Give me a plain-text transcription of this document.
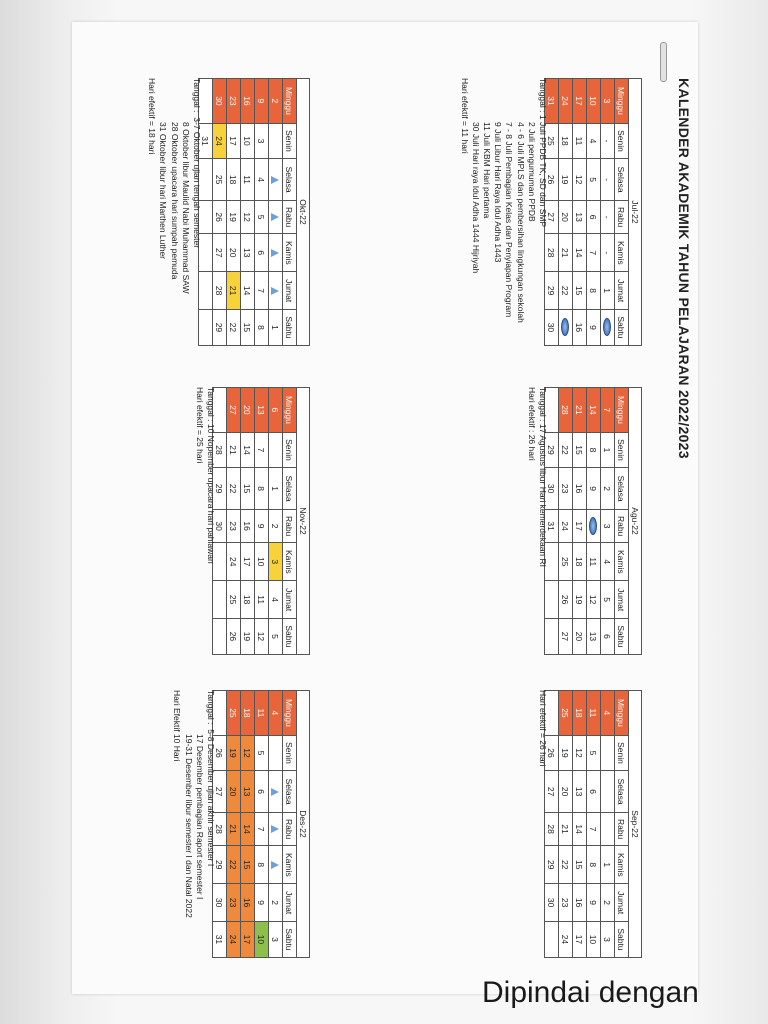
KALENDER AKADEMIK TAHUN PELAJARAN 2022/2023
Jul-22						
Minggu	Senin	Selasa	Rabu	Kamis	Jumat	Sabtu
3	-	-	-	-	1	
10	4	5	6	7	8	9
17	11	12	13	14	15	16
24	18	19	20	21	22	
31	25	26	27	28	29	30
Agu-22						
Minggu	Senin	Selasa	Rabu	Kamis	Jumat	Sabtu
7	1	2	3	4	5	6
14	8	9		11	12	13
21	15	16	17	18	19	20
28	22	23	24	25	26	27
	29	30	31			
Sep-22						
Minggu	Senin	Selasa	Rabu	Kamis	Jumat	Sabtu
4				1	2	3
11	5	6	7	8	9	10
18	12	13	14	15	16	17
25	19	20	21	22	23	24
	26	27	28	29	30	
Tanggal : 1 Juli PPDB TK, SD dan SMP
2 Juli pengumuman PPDB
4 - 6 Juli MPLS dan pembersihan lingkungan sekolah
7 - 8 Juli Pembagian Kelas dan Penyiapan Program
9 Juli Libur Hari Raya Idul Adha 1443
11 Juli KBM Hari pertama
30 Juli Hari raya Idul Adha 1444 Hijriyah
Hari efektif = 11 hari
Tanggal : 17 Agustus libur Hari kemerdekaan RI
Hari efektif : 26 hari
Hari efektif = 26 hari
Okt-22						
Minggu	Senin	Selasa	Rabu	Kamis	Jumat	Sabtu
2						1
9	3	4	5	6	7	8
16	10	11	12	13	14	15
23	17	18	19	20	21	22
30	24	25	26	27	28	29
	31					
Nov-22						
Minggu	Senin	Selasa	Rabu	Kamis	Jumat	Sabtu
6		1	2	3	4	5
13	7	8	9	10	11	12
20	14	15	16	17	18	19
27	21	22	23	24	25	26
	28	29	30			
Des-22						
Minggu	Senin	Selasa	Rabu	Kamis	Jumat	Sabtu
4					2	3
11	5	6	7	8	9	10
18	12	13	14	15	16	17
25	19	20	21	22	23	24
	26	27	28	29	30	31
Tanggal :  3-7 Oktober ujian tengah semester
8 Oktober libur Maulid Nabi Muhammad SAW
28 Oktober upacara hari sumpah pemuda
31 Oktober libur hari Marthen Luther
Hari efektif = 18 hari
Tanggal : 10 Nopember upacara hari pahlawan
Hari efektif = 25 hari
Tanggal :  5-8 Desember ujian akhir semester I
17 Desember pembagian Raport semester I
19-31 Desember libur semester I dan Natal 2022
Hari Efektif 10 Hari
Dipindai dengan
